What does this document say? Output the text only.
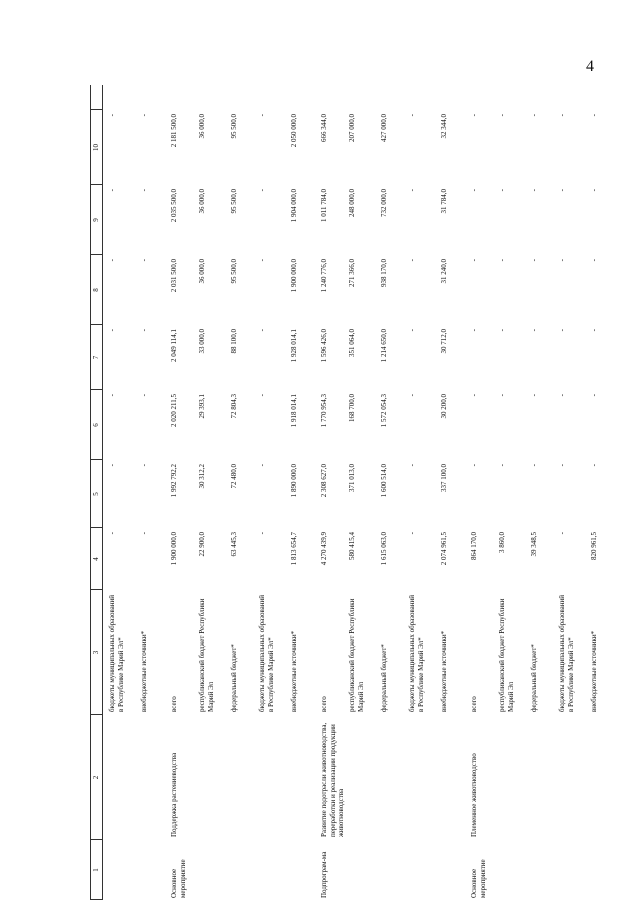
4
1
2
3
4
5
6
7
8
9
10
бюджеты муниципальных образований в Республике Марий Эл*
-
-
-
-
-
-
-
внебюджетные источники*
-
-
-
-
-
-
-
Основное мероприятие
Поддержка растениеводства
всего
1 900 000,0
1 992 792,2
2 020 211,5
2 049 114,1
2 031 500,0
2 035 500,0
2 181 500,0
республиканский бюджет Республики Марий Эл
22 900,0
30 312,2
29 393,1
33 000,0
36 000,0
36 000,0
36 000,0
федеральный бюджет*
63 445,3
72 480,0
72 804,3
88 100,0
95 500,0
95 500,0
95 500,0
бюджеты муниципальных образований в Республике Марий Эл*
-
-
-
-
-
-
-
внебюджетные источники*
1 813 654,7
1 890 000,0
1 918 014,1
1 928 014,1
1 900 000,0
1 904 000,0
2 050 000,0
Подпрограм-ма
Развитие подотрасли животноводства, переработки и реализации продукции животноводства
всего
4 270 439,9
2 308 627,0
1 770 954,3
1 596 426,0
1 240 776,0
1 011 784,0
666 344,0
республиканский бюджет Республики Марий Эл
580 415,4
371 013,0
168 700,0
351 064,0
271 366,0
248 000,0
207 000,0
федеральный бюджет*
1 615 063,0
1 600 514,0
1 572 054,3
1 214 650,0
938 170,0
732 000,0
427 000,0
бюджеты муниципальных образований в Республике Марий Эл*
-
-
-
-
-
-
-
внебюджетные источники*
2 074 961,5
337 100,0
30 200,0
30 712,0
31 240,0
31 784,0
32 344,0
Основное мероприятие
Племенное животноводство
всего
864 170,0
-
-
-
-
-
-
республиканский бюджет Республики Марий Эл
3 860,0
-
-
-
-
-
-
федеральный бюджет*
39 348,5
-
-
-
-
-
-
бюджеты муниципальных образований в Республике Марий Эл*
-
-
-
-
-
-
-
внебюджетные источники*
820 961,5
-
-
-
-
-
-
